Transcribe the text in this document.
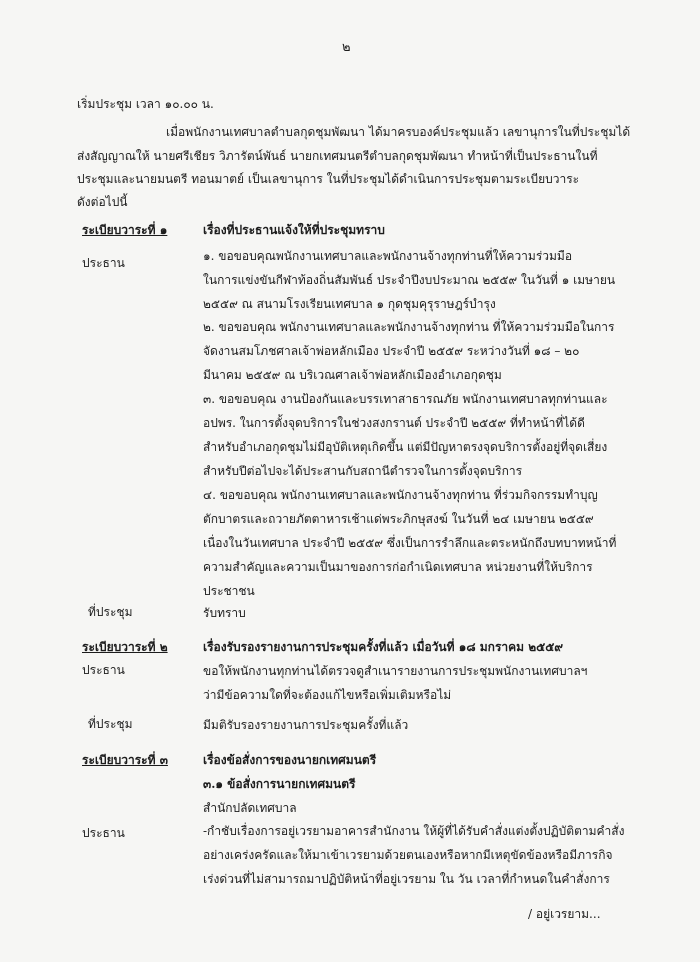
๒
เริ่มประชุม เวลา ๑๐.๐๐ น.
เมื่อพนักงานเทศบาลตำบลกุดชุมพัฒนา ได้มาครบองค์ประชุมแล้ว เลขานุการในที่ประชุมได้
ส่งสัญญาณให้ นายศรีเชียร วิภารัตน์พันธ์ นายกเทศมนตรีตำบลกุดชุมพัฒนา ทำหน้าที่เป็นประธานในที่
ประชุมและนายมนตรี ทอนมาตย์ เป็นเลขานุการ ในที่ประชุมได้ดำเนินการประชุมตามระเบียบวาระ
ดังต่อไปนี้
ระเบียบวาระที่ ๑	เรื่องที่ประธานแจ้งให้ที่ประชุมทราบ
ประธาน	๑. ขอขอบคุณพนักงานเทศบาลและพนักงานจ้างทุกท่านที่ให้ความร่วมมือ
ในการแข่งขันกีฬาท้องถิ่นสัมพันธ์ ประจำปีงบประมาณ ๒๕๕๙ ในวันที่ ๑ เมษายน
๒๕๕๙ ณ สนามโรงเรียนเทศบาล ๑ กุดชุมคุรุราษฎร์บำรุง
๒. ขอขอบคุณ พนักงานเทศบาลและพนักงานจ้างทุกท่าน ที่ให้ความร่วมมือในการ
จัดงานสมโภชศาลเจ้าพ่อหลักเมือง ประจำปี ๒๕๕๙ ระหว่างวันที่ ๑๘ – ๒๐
มีนาคม ๒๕๕๙ ณ บริเวณศาลเจ้าพ่อหลักเมืองอำเภอกุดชุม
๓. ขอขอบคุณ งานป้องกันและบรรเทาสาธารณภัย พนักงานเทศบาลทุกท่านและ
อปพร. ในการตั้งจุดบริการในช่วงสงกรานต์ ประจำปี ๒๕๕๙ ที่ทำหน้าที่ได้ดี
สำหรับอำเภอกุดชุมไม่มีอุบัติเหตุเกิดขึ้น แต่มีปัญหาตรงจุดบริการตั้งอยู่ที่จุดเสี่ยง
สำหรับปีต่อไปจะได้ประสานกับสถานีตำรวจในการตั้งจุดบริการ
๔. ขอขอบคุณ พนักงานเทศบาลและพนักงานจ้างทุกท่าน ที่ร่วมกิจกรรมทำบุญ
ตักบาตรและถวายภัตตาหารเช้าแด่พระภิกษุสงฆ์ ในวันที่ ๒๔ เมษายน ๒๕๕๙
เนื่องในวันเทศบาล ประจำปี ๒๕๕๙ ซึ่งเป็นการรำลึกและตระหนักถึงบทบาทหน้าที่
ความสำคัญและความเป็นมาของการก่อกำเนิดเทศบาล หน่วยงานที่ให้บริการ
ประชาชน
ที่ประชุม	รับทราบ
ระเบียบวาระที่ ๒	เรื่องรับรองรายงานการประชุมครั้งที่แล้ว เมื่อวันที่ ๑๘ มกราคม ๒๕๕๙
ประธาน	ขอให้พนักงานทุกท่านได้ตรวจดูสำเนารายงานการประชุมพนักงานเทศบาลฯ
ว่ามีข้อความใดที่จะต้องแก้ไขหรือเพิ่มเติมหรือไม่
ที่ประชุม	มีมติรับรองรายงานการประชุมครั้งที่แล้ว
ระเบียบวาระที่ ๓	เรื่องข้อสั่งการของนายกเทศมนตรี
๓.๑ ข้อสั่งการนายกเทศมนตรี
สำนักปลัดเทศบาล
ประธาน	-กำชับเรื่องการอยู่เวรยามอาคารสำนักงาน ให้ผู้ที่ได้รับคำสั่งแต่งตั้งปฏิบัติตามคำสั่ง
อย่างเคร่งครัดและให้มาเข้าเวรยามด้วยตนเองหรือหากมีเหตุขัดข้องหรือมีภารกิจ
เร่งด่วนที่ไม่สามารถมาปฏิบัติหน้าที่อยู่เวรยาม ใน วัน เวลาที่กำหนดในคำสั่งการ
/ อยู่เวรยาม...
